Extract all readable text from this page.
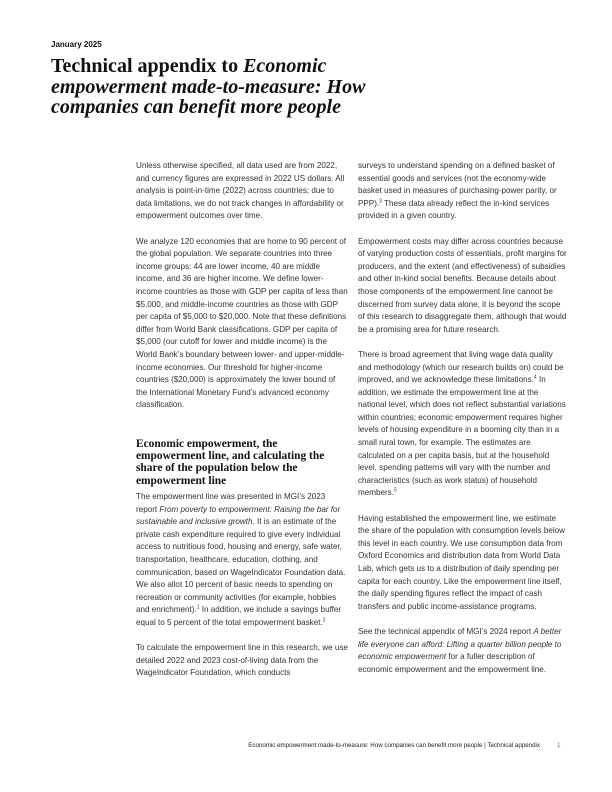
January 2025
Technical appendix to Economic empowerment made-to-measure: How companies can benefit more people

Unless otherwise specified, all data used are from 2022, and currency figures are expressed in 2022 US dollars. All analysis is point-in-time (2022) across countries; due to data limitations, we do not track changes in affordability or empowerment outcomes over time.

We analyze 120 economies that are home to 90 percent of the global population. We separate countries into three income groups: 44 are lower income, 40 are middle income, and 36 are higher income. We define lower-income countries as those with GDP per capita of less than $5,000, and middle-income countries as those with GDP per capita of $5,000 to $20,000. Note that these definitions differ from World Bank classifications. GDP per capita of $5,000 (our cutoff for lower and middle income) is the World Bank’s boundary between lower- and upper-middle-income economies. Our threshold for higher-income countries ($20,000) is approximately the lower bound of the International Monetary Fund’s advanced economy classification.

Economic empowerment, the empowerment line, and calculating the share of the population below the empowerment line

The empowerment line was presented in MGI’s 2023 report From poverty to empowerment: Raising the bar for sustainable and inclusive growth. It is an estimate of the private cash expenditure required to give every individual access to nutritious food, housing and energy, safe water, transportation, healthcare, education, clothing, and communication, based on WageIndicator Foundation data. We also allot 10 percent of basic needs to spending on recreation or community activities (for example, hobbies and enrichment).$^1$ In addition, we include a savings buffer equal to 5 percent of the total empowerment basket.$^2$

To calculate the empowerment line in this research, we use detailed 2022 and 2023 cost-of-living data from the WageIndicator Foundation, which conducts

surveys to understand spending on a defined basket of essential goods and services (not the economy-wide basket used in measures of purchasing-power parity, or PPP).$^3$ These data already reflect the in-kind services provided in a given country.

Empowerment costs may differ across countries because of varying production costs of essentials, profit margins for producers, and the extent (and effectiveness) of subsidies and other in-kind social benefits. Because details about those components of the empowerment line cannot be discerned from survey data alone, it is beyond the scope of this research to disaggregate them, although that would be a promising area for future research.

There is broad agreement that living wage data quality and methodology (which our research builds on) could be improved, and we acknowledge these limitations.$^4$ In addition, we estimate the empowerment line at the national level, which does not reflect substantial variations within countries; economic empowerment requires higher levels of housing expenditure in a booming city than in a small rural town, for example. The estimates are calculated on a per capita basis, but at the household level, spending patterns will vary with the number and characteristics (such as work status) of household members.$^5$

Having established the empowerment line, we estimate the share of the population with consumption levels below this level in each country. We use consumption data from Oxford Economics and distribution data from World Data Lab, which gets us to a distribution of daily spending per capita for each country. Like the empowerment line itself, the daily spending figures reflect the impact of cash transfers and public income-assistance programs.

See the technical appendix of MGI’s 2024 report A better life everyone can afford: Lifting a quarter billion people to economic empowerment for a fuller description of economic empowerment and the empowerment line.

Economic empowerment made-to-measure: How companies can benefit more people | Technical appendix	1
